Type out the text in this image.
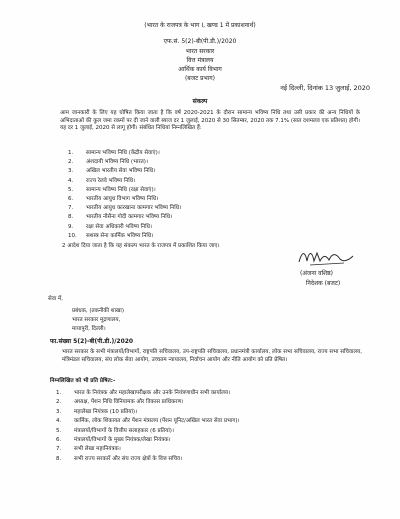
(भारत के राजपत्र के भाग I, खण्ड 1 में प्रकाशनार्थ)
एफ.सं. 5(2)-बी(पी.डी.)/2020
भारत सरकार
वित्त मंत्रालय
आर्थिक कार्य विभाग
(बजट प्रभाग)
नई दिल्ली, दिनांक 13 जुलाई, 2020
संकल्प
आम जानकारी के लिए यह घोषित किया जाता है कि वर्ष 2020-2021 के दौरान सामान्य भविष्य निधि तथा उसी प्रकार की अन्य निधियों के अभिदाताओं की कुल जमा रकमों पर दी जाने वाली ब्याज दर 1 जुलाई, 2020 से 30 सितम्बर, 2020 तक 7.1% (सात दशमलव एक प्रतिशत) होगी। यह दर 1 जुलाई, 2020 से लागू होगी। संबंधित निधियां निम्नलिखित हैं:
1. सामान्य भविष्य निधि (केंद्रीय सेवाएं)।
2. अंशदायी भविष्य निधि (भारत)।
3. अखिल भारतीय सेवा भविष्य निधि।
4. राज्य रेलवे भविष्य निधि।
5. सामान्य भविष्य निधि (रक्षा सेवाएं)।
6. भारतीय आयुध विभाग भविष्य निधि।
7. भारतीय आयुध कारखाना कामगार भविष्य निधि।
8. भारतीय नौसैना गोदी कामगार भविष्य निधि।
9. रक्षा सेवा अधिकारी भविष्य निधि।
10. सशस्त्र सेना कार्मिक भविष्य निधि।
2 आदेश दिया जाता है कि यह संकल्प भारत के राजपत्र में प्रकाशित किया जाए।
(अंजना वशिष्ठ)
निदेशक (बजट)
सेवा में,
प्रबंधक, (तकनीकी शाखा)
भारत सरकार मुद्रणालय,
मायापुरी, दिल्ली।
फा.संख्या 5(2)-बी(पी.डी.)/2020
भारत सरकार के सभी मंत्रालयों/विभागों, राष्ट्रपति सचिवालय, उप-राष्ट्रपति सचिवालय, प्रधानमंत्री कार्यालय, लोक सभा सचिवालय, राज्य सभा सचिवालय, मंत्रिमंडल सचिवालय, संघ लोक सेवा आयोग, उच्चतम न्यायालय, निर्वाचन आयोग और नीति आयोग को प्रति प्रेषित।
निम्नलिखित को भी प्रति प्रेषित:-
1. भारत के नियंत्रक और महालेखापरीक्षक और उनके नियंत्रणाधीन सभी कार्यालय।
2. अध्यक्ष, पेंशन निधि विनियामक और विकास प्राधिकरण।
3. महालेखा नियंत्रक (10 प्रतियां)।
4. कार्मिक, लोक शिकायत और पेंशन मंत्रालय (पेंशन यूनिट/अखिल भारत सेवा प्रभाग)।
5. मंत्रालयों/विभागों के वित्तीय सलाहकार (6 प्रतियां)।
6. मंत्रालयों/विभागों के मुख्य नियंत्रक/लेखा नियंत्रक।
7. सभी लेखा महानियंत्रक।
8. सभी राज्य सरकारें और संघ राज्य क्षेत्रों के वित्त सचिव।
